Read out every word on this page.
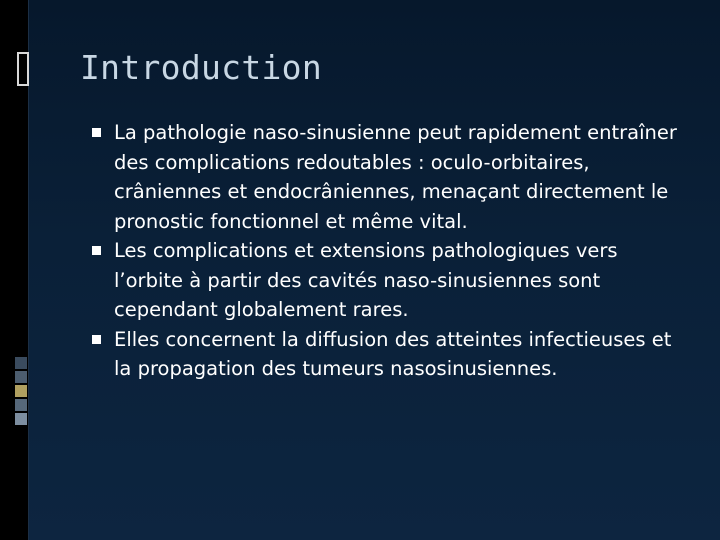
Introduction
La pathologie naso-sinusienne peut rapidement entraîner des complications redoutables : oculo-orbitaires, crâniennes et endocrâniennes, menaçant directement le pronostic fonctionnel et même vital.
Les complications et extensions pathologiques vers l’orbite à partir des cavités naso-sinusiennes sont cependant globalement rares.
Elles concernent la diffusion des atteintes infectieuses et la propagation des tumeurs nasosinusiennes.
